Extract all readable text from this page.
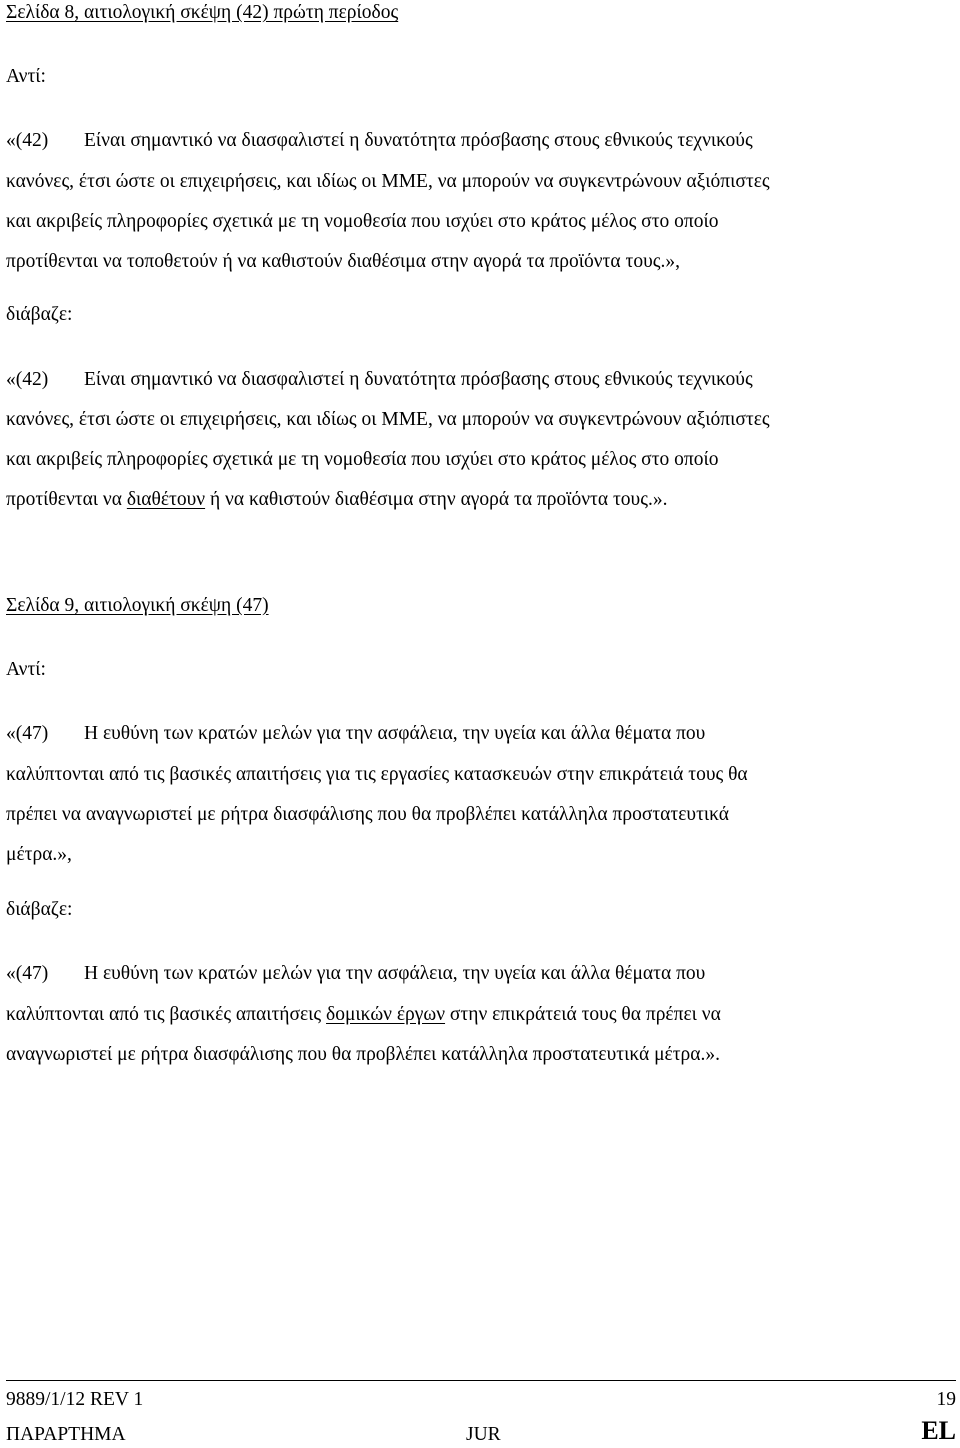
Σελίδα 8, αιτιολογική σκέψη (42) πρώτη περίοδος
Αντί:
«(42) Είναι σημαντικό να διασφαλιστεί η δυνατότητα πρόσβασης στους εθνικούς τεχνικούς
κανόνες, έτσι ώστε οι επιχειρήσεις, και ιδίως οι ΜΜΕ, να μπορούν να συγκεντρώνουν αξιόπιστες
και ακριβείς πληροφορίες σχετικά με τη νομοθεσία που ισχύει στο κράτος μέλος στο οποίο
προτίθενται να τοποθετούν ή να καθιστούν διαθέσιμα στην αγορά τα προϊόντα τους.»,
διάβαζε:
«(42) Είναι σημαντικό να διασφαλιστεί η δυνατότητα πρόσβασης στους εθνικούς τεχνικούς
κανόνες, έτσι ώστε οι επιχειρήσεις, και ιδίως οι ΜΜΕ, να μπορούν να συγκεντρώνουν αξιόπιστες
και ακριβείς πληροφορίες σχετικά με τη νομοθεσία που ισχύει στο κράτος μέλος στο οποίο
προτίθενται να διαθέτουν ή να καθιστούν διαθέσιμα στην αγορά τα προϊόντα τους.».
Σελίδα 9, αιτιολογική σκέψη (47)
Αντί:
«(47) Η ευθύνη των κρατών μελών για την ασφάλεια, την υγεία και άλλα θέματα που
καλύπτονται από τις βασικές απαιτήσεις για τις εργασίες κατασκευών στην επικράτειά τους θα
πρέπει να αναγνωριστεί με ρήτρα διασφάλισης που θα προβλέπει κατάλληλα προστατευτικά
μέτρα.»,
διάβαζε:
«(47) Η ευθύνη των κρατών μελών για την ασφάλεια, την υγεία και άλλα θέματα που
καλύπτονται από τις βασικές απαιτήσεις δομικών έργων στην επικράτειά τους θα πρέπει να
αναγνωριστεί με ρήτρα διασφάλισης που θα προβλέπει κατάλληλα προστατευτικά μέτρα.».
9889/1/12 REV 1	19
ΠΑΡΑΡΤΗΜΑ	JUR	EL
